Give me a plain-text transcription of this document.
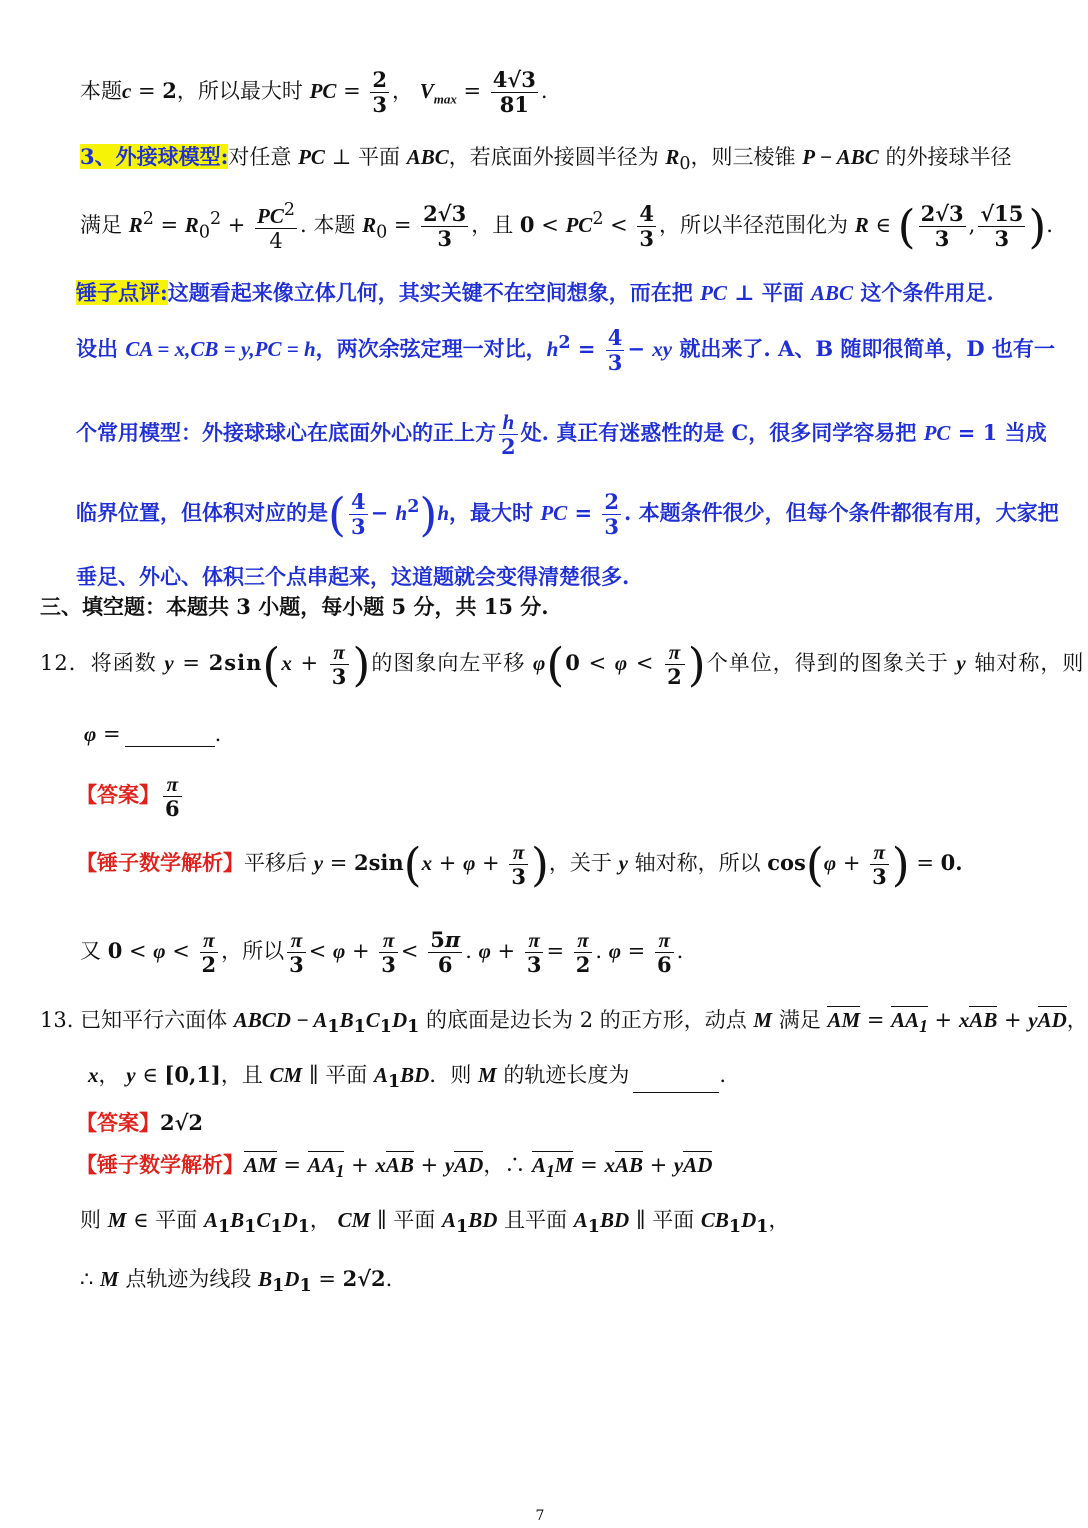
本题c = 2，所以最大时 PC = $\frac{2}{3}$ ， $V_{max} = \frac{4√3}{81}$ .
3、外接球模型:对任意 PC ⊥ 平面 ABC，若底面外接圆半径为 $R_0$，则三棱锥 P − ABC 的外接球半径
满足 $R^2 = R_0^2 + \frac{PC^2}{4}$ . 本题 $R_0 = \frac{2√3}{3}$ ，且 $0 < PC^2 < \frac{4}{3}$ ，所以半径范围化为 R ∈ ( $\frac{2√3}{3}$ , $\frac{√15}{3}$ ).
锤子点评:这题看起来像立体几何，其实关键不在空间想象，而在把 PC ⊥ 平面 ABC 这个条件用足.
设出 CA = x,CB = y,PC = h，两次余弦定理一对比，$h^2 = \frac{4}{3}$ − xy 就出来了. A、B 随即很简单，D 也有一
个常用模型：外接球球心在底面外心的正上方 $\frac{h}{2}$ 处. 真正有迷惑性的是 C，很多同学容易把 PC = 1 当成
临界位置，但体积对应的是( $\frac{4}{3} - h^2)h$，最大时 PC = $\frac{2}{3}$ . 本题条件很少，但每个条件都很有用，大家把
垂足、外心、体积三个点串起来，这道题就会变得清楚很多.
三、填空题：本题共 3 小题，每小题 5 分，共 15 分.
12．将函数 $y = 2\sin(x + \frac{\pi}{3}$ )的图象向左平移 $\varphi(0 < \varphi < \frac{\pi}{2}$ )个单位，得到的图象关于 y 轴对称，则
φ =	.
【答案】 $\frac{\pi}{6}$
【锤子数学解析】平移后 $y = 2\sin(x + \varphi + \frac{\pi}{3}$ )，关于 y 轴对称，所以 $\cos(\varphi + \frac{\pi}{3}$ ) = 0.
又 $0 < \varphi < \frac{\pi}{2}$ ，所以 $\frac{\pi}{3} < \varphi + \frac{\pi}{3} < \frac{5\pi}{6}$ . $\varphi + \frac{\pi}{3} = \frac{\pi}{2}$ . $\varphi = \frac{\pi}{6}$ .
13. 已知平行六面体 ABCD − $A_1B_1C_1D_1$ 的底面是边长为 2 的正方形，动点 M 满足 AM = $AA_1$ + xAB + yAD，
x， y ∈ [0,1]，且 CM ∥ 平面 $A_1BD$．则 M 的轨迹长度为	.
【答案】2√2
【锤子数学解析】AM = $AA_1$ + xAB + yAD，∴ $A_1M$ = xAB + yAD
则 M ∈ 平面 $A_1B_1C_1D_1$， CM ∥ 平面 $A_1BD$ 且平面 $A_1BD$ ∥ 平面 $CB_1D_1$，
∴ M 点轨迹为线段 $B_1D_1 = 2√2$.
7
